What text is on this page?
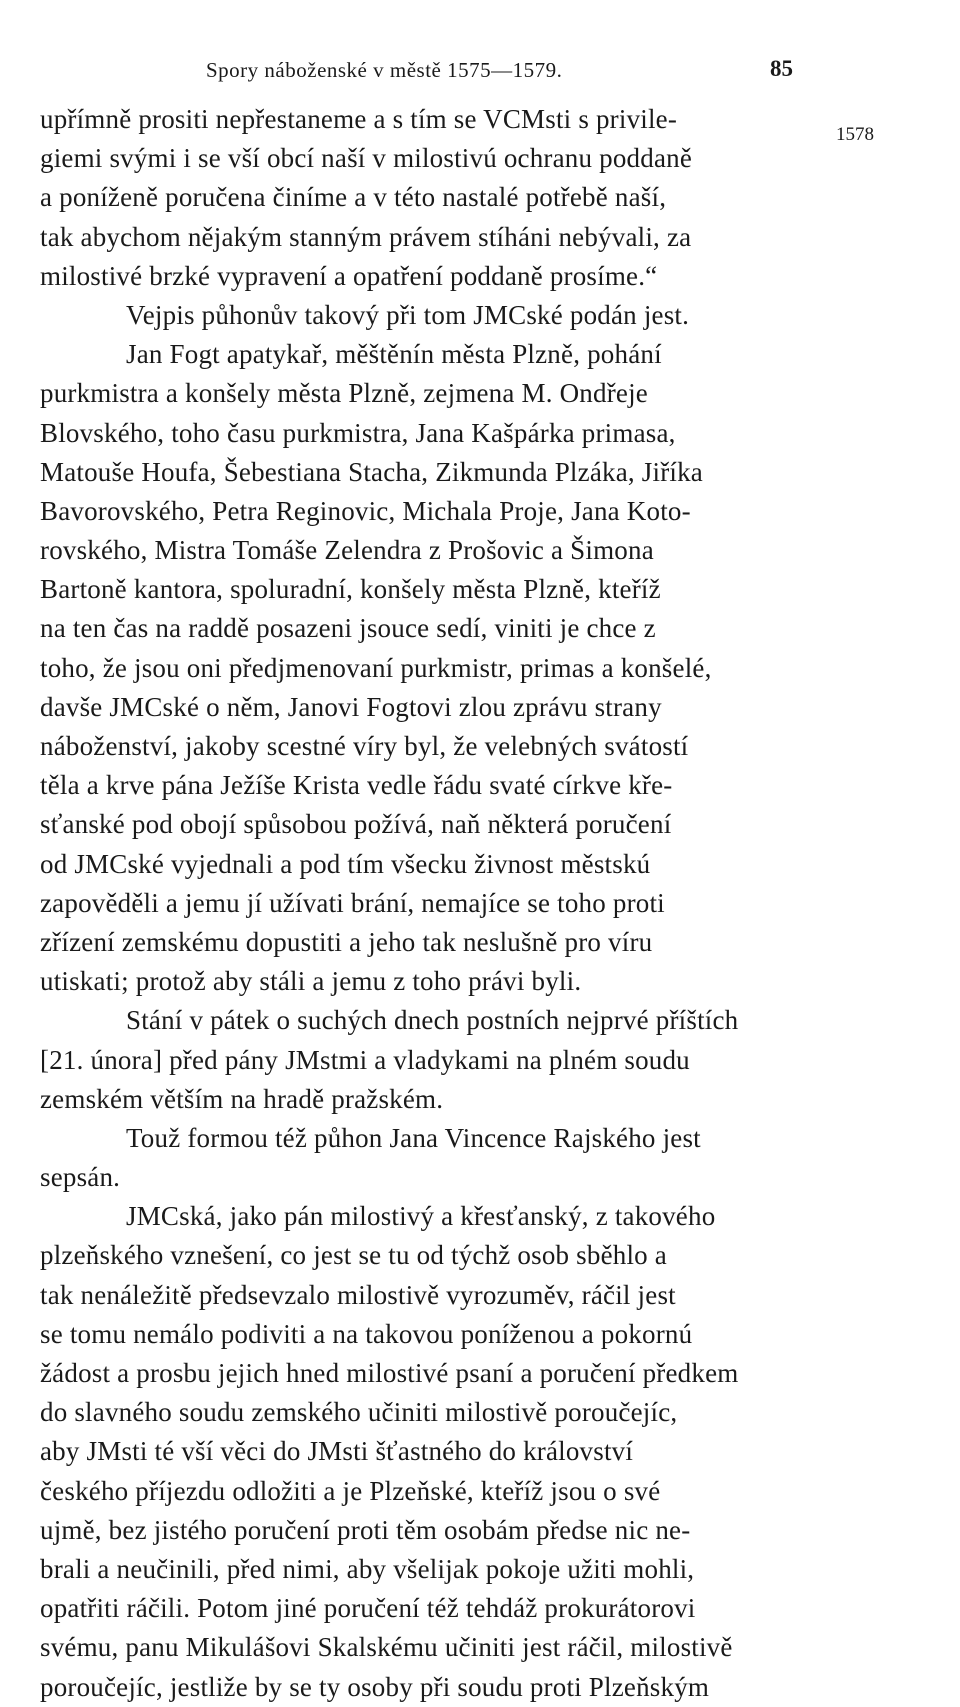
Spory náboženské v městě 1575—1579.	85
1578
upřímně prositi nepřestaneme a s tím se VCMsti s privile-
giemi svými i se vší obcí naší v milostivú ochranu poddaně
a poníženě poručena činíme a v této nastalé potřebě naší,
tak abychom nějakým stanným právem stíháni nebývali, za
milostivé brzké vypravení a opatření poddaně prosíme.“
Vejpis půhonův takový při tom JMCské podán jest.
Jan Fogt apatykař, měštěnín města Plzně, pohání
purkmistra a konšely města Plzně, zejmena M. Ondřeje
Blovského, toho času purkmistra, Jana Kašpárka primasa,
Matouše Houfa, Šebestiana Stacha, Zikmunda Plzáka, Jiříka
Bavorovského, Petra Reginovic, Michala Proje, Jana Koto-
rovského, Mistra Tomáše Zelendra z Prošovic a Šimona
Bartoně kantora, spoluradní, konšely města Plzně, kteříž
na ten čas na raddě posazeni jsouce sedí, viniti je chce z
toho, že jsou oni předjmenovaní purkmistr, primas a konšelé,
davše JMCské o něm, Janovi Fogtovi zlou zprávu strany
náboženství, jakoby scestné víry byl, že velebných svátostí
těla a krve pána Ježíše Krista vedle řádu svaté církve kře-
sťanské pod obojí spůsobou požívá, naň některá poručení
od JMCské vyjednali a pod tím všecku živnost městskú
zapověděli a jemu jí užívati brání, nemajíce se toho proti
zřízení zemskému dopustiti a jeho tak neslušně pro víru
utiskati; protož aby stáli a jemu z toho právi byli.
Stání v pátek o suchých dnech postních nejprvé příštích
[21. února] před pány JMstmi a vladykami na plném soudu
zemském větším na hradě pražském.
Touž formou též půhon Jana Vincence Rajského jest
sepsán.
JMCská, jako pán milostivý a křesťanský, z takového
plzeňského vznešení, co jest se tu od týchž osob sběhlo a
tak nenáležitě předsevzalo milostivě vyrozuměv, ráčil jest
se tomu nemálo podiviti a na takovou poníženou a pokornú
žádost a prosbu jejich hned milostivé psaní a poručení předkem
do slavného soudu zemského učiniti milostivě poroučejíc,
aby JMsti té vší věci do JMsti šťastného do království
českého příjezdu odložiti a je Plzeňské, kteříž jsou o své
ujmě, bez jistého poručení proti těm osobám předse nic ne-
brali a neučinili, před nimi, aby všelijak pokoje užiti mohli,
opatřiti ráčili. Potom jiné poručení též tehdáž prokurátorovi
svému, panu Mikulášovi Skalskému učiniti jest ráčil, milostivě
poroučejíc, jestliže by se ty osoby při soudu proti Plzeňským
